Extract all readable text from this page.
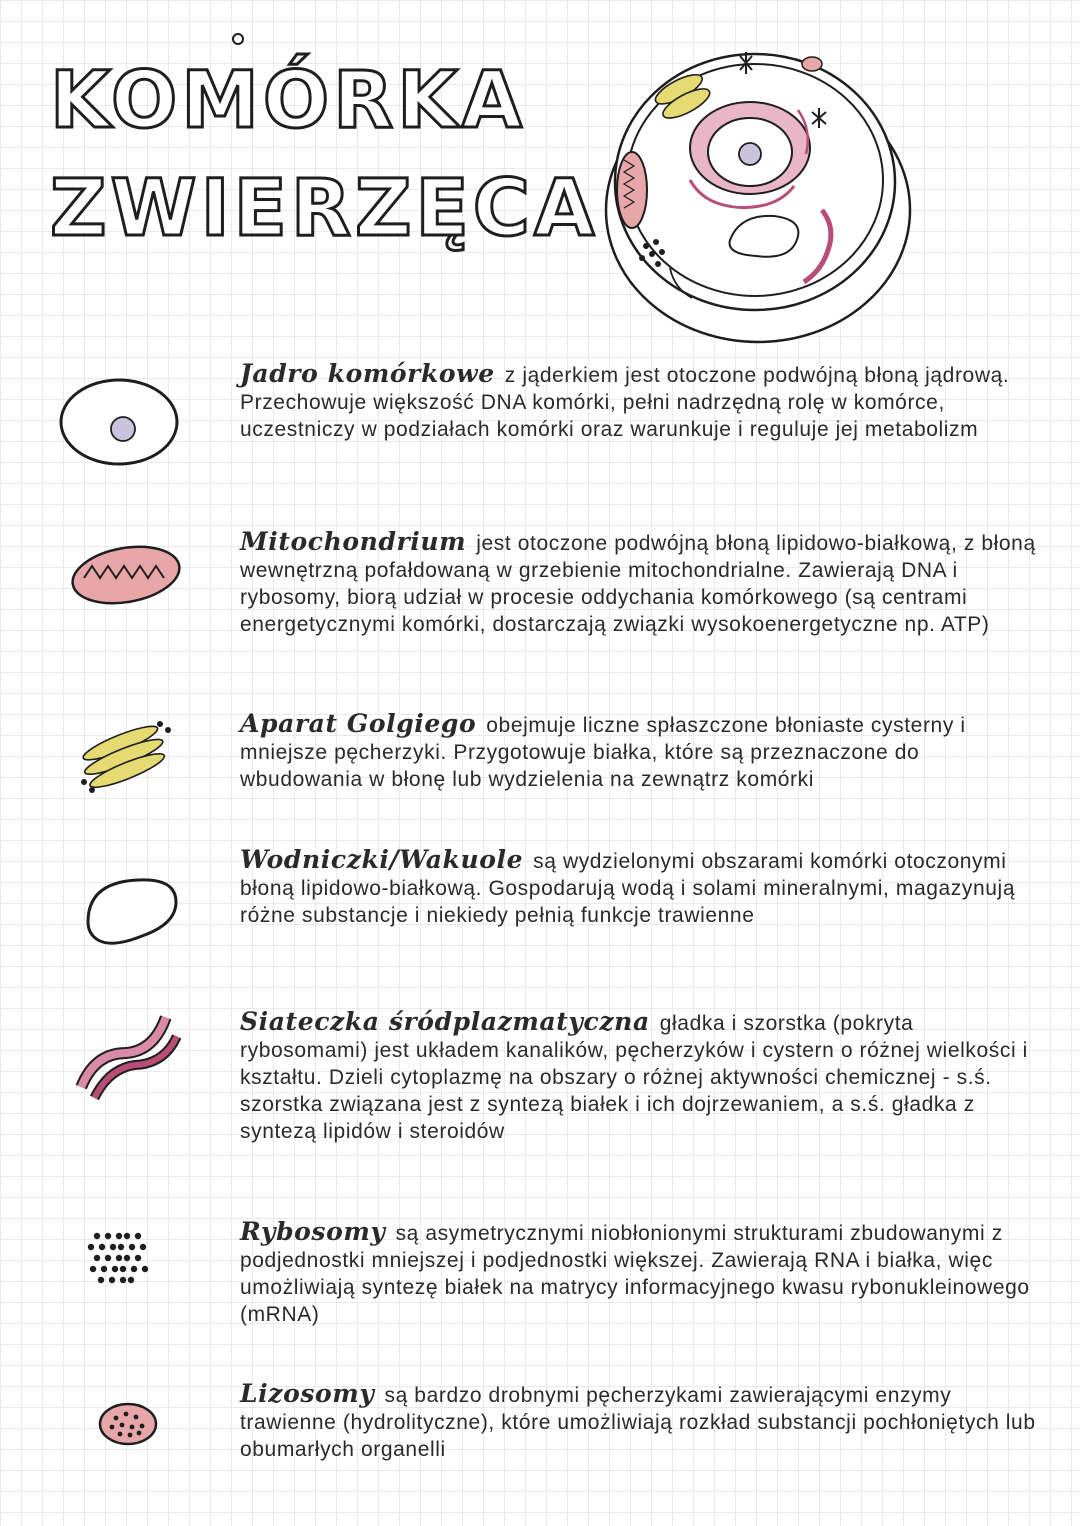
KOMÓRKA
ZWIERZĘCA

Jadro komórkowe z jąderkiem jest otoczone podwójną błoną jądrową. Przechowuje większość DNA komórki, pełni nadrzędną rolę w komórce, uczestniczy w podziałach komórki oraz warunkuje i reguluje jej metabolizm

Mitochondrium jest otoczone podwójną błoną lipidowo-białkową, z błoną wewnętrzną pofałdowaną w grzebienie mitochondrialne. Zawierają DNA i rybosomy, biorą udział w procesie oddychania komórkowego (są centrami energetycznymi komórki, dostarczają związki wysokoenergetyczne np. ATP)

Aparat Golgiego obejmuje liczne spłaszczone błoniaste cysterny i mniejsze pęcherzyki. Przygotowuje białka, które są przeznaczone do wbudowania w błonę lub wydzielenia na zewnątrz komórki

Wodniczki/Wakuole są wydzielonymi obszarami komórki otoczonymi błoną lipidowo-białkową. Gospodarują wodą i solami mineralnymi, magazynują różne substancje i niekiedy pełnią funkcje trawienne

Siateczka śródplazmatyczna gładka i szorstka (pokryta rybosomami) jest układem kanalików, pęcherzyków i cystern o różnej wielkości i kształtu. Dzieli cytoplazmę na obszary o różnej aktywności chemicznej - s.ś. szorstka związana jest z syntezą białek i ich dojrzewaniem, a s.ś. gładka z syntezą lipidów i steroidów

Rybosomy są asymetrycznymi niobłonionymi strukturami zbudowanymi z podjednostki mniejszej i podjednostki większej. Zawierają RNA i białka, więc umożliwiają syntezę białek na matrycy informacyjnego kwasu rybonukleinowego (mRNA)

Lizosomy są bardzo drobnymi pęcherzykami zawierającymi enzymy trawienne (hydrolityczne), które umożliwiają rozkład substancji pochłoniętych lub obumarłych organelli
